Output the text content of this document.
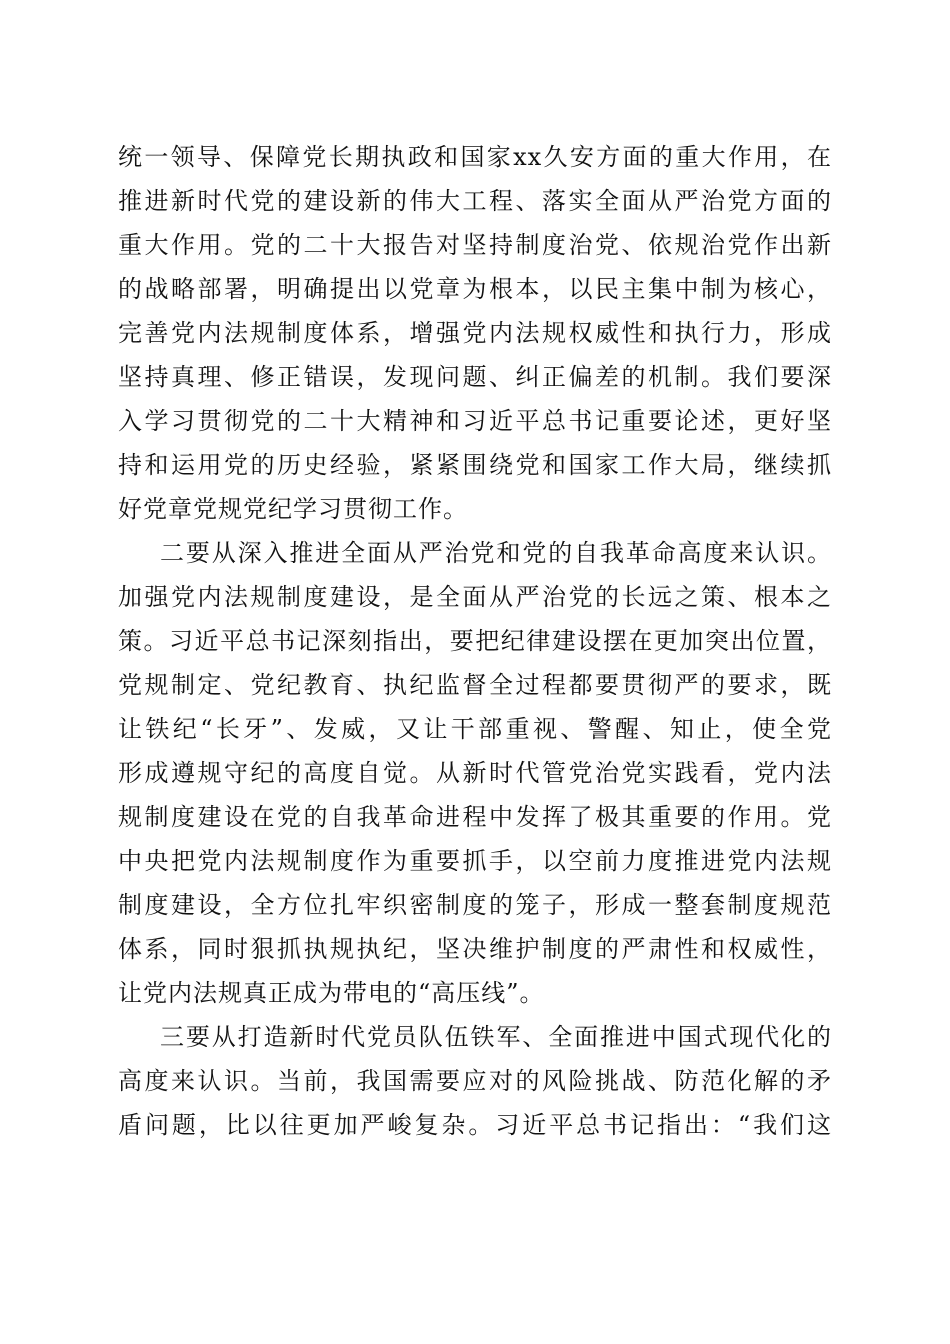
统一领导、保障党长期执政和国家xx久安方面的重大作用，在
推进新时代党的建设新的伟大工程、落实全面从严治党方面的
重大作用。党的二十大报告对坚持制度治党、依规治党作出新
的战略部署，明确提出以党章为根本，以民主集中制为核心，
完善党内法规制度体系，增强党内法规权威性和执行力，形成
坚持真理、修正错误，发现问题、纠正偏差的机制。我们要深
入学习贯彻党的二十大精神和习近平总书记重要论述，更好坚
持和运用党的历史经验，紧紧围绕党和国家工作大局，继续抓
好党章党规党纪学习贯彻工作。
二要从深入推进全面从严治党和党的自我革命高度来认识。
加强党内法规制度建设，是全面从严治党的长远之策、根本之
策。习近平总书记深刻指出，要把纪律建设摆在更加突出位置，
党规制定、党纪教育、执纪监督全过程都要贯彻严的要求，既
让铁纪“长牙”、发威，又让干部重视、警醒、知止，使全党
形成遵规守纪的高度自觉。从新时代管党治党实践看，党内法
规制度建设在党的自我革命进程中发挥了极其重要的作用。党
中央把党内法规制度作为重要抓手，以空前力度推进党内法规
制度建设，全方位扎牢织密制度的笼子，形成一整套制度规范
体系，同时狠抓执规执纪，坚决维护制度的严肃性和权威性，
让党内法规真正成为带电的“高压线”。
三要从打造新时代党员队伍铁军、全面推进中国式现代化的
高度来认识。当前，我国需要应对的风险挑战、防范化解的矛
盾问题，比以往更加严峻复杂。习近平总书记指出：“我们这
